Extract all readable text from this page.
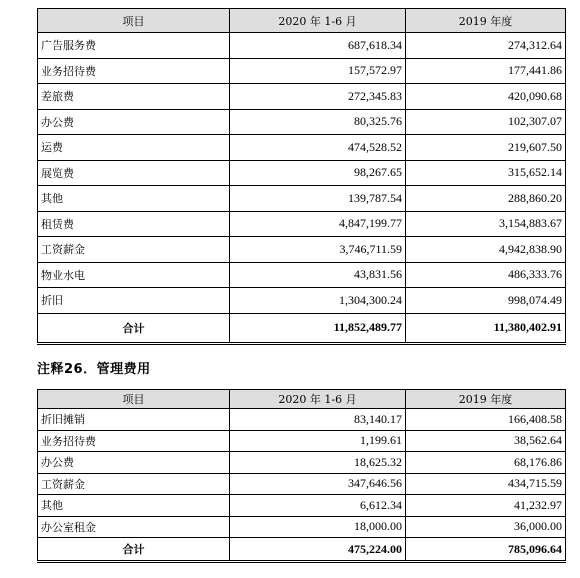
项目	2020 年 1-6 月	2019 年度
广告服务费	687,618.34	274,312.64
业务招待费	157,572.97	177,441.86
差旅费	272,345.83	420,090.68
办公费	80,325.76	102,307.07
运费	474,528.52	219,607.50
展览费	98,267.65	315,652.14
其他	139,787.54	288,860.20
租赁费	4,847,199.77	3,154,883.67
工资薪金	3,746,711.59	4,942,838.90
物业水电	43,831.56	486,333.76
折旧	1,304,300.24	998,074.49
合计	11,852,489.77	11,380,402.91
注释26．管理费用
项目	2020 年 1-6 月	2019 年度
折旧摊销	83,140.17	166,408.58
业务招待费	1,199.61	38,562.64
办公费	18,625.32	68,176.86
工资薪金	347,646.56	434,715.59
其他	6,612.34	41,232.97
办公室租金	18,000.00	36,000.00
合计	475,224.00	785,096.64
